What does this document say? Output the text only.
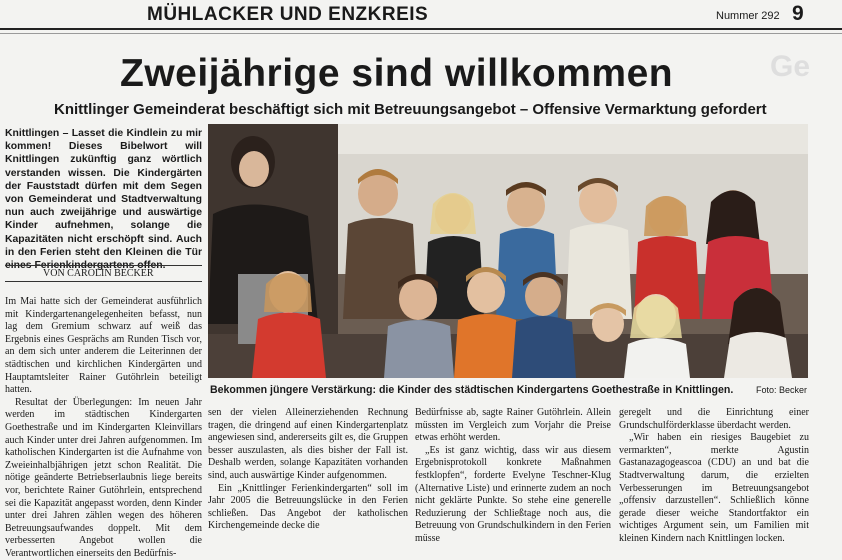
MÜHLACKER UND ENZKREIS	Nummer 292 9
Ge
Zweijährige sind willkommen
Knittlinger Gemeinderat beschäftigt sich mit Betreuungsangebot – Offensive Vermarktung gefordert
Knittlingen – Lasset die Kindlein zu mir kommen! Dieses Bibelwort will Knittlingen zukünftig ganz wörtlich verstanden wissen. Die Kindergärten der Fauststadt dürfen mit dem Segen von Gemeinderat und Stadtverwaltung nun auch zweijährige und auswärtige Kinder aufnehmen, solange die Kapazitäten nicht erschöpft sind. Auch in den Ferien steht den Kleinen die Tür eines Ferienkindergartens offen.
VON CAROLIN BECKER

Im Mai hatte sich der Gemeinderat ausführlich mit Kindergartenangelegenheiten befasst, nun lag dem Gremium schwarz auf weiß das Ergebnis eines Gesprächs am Runden Tisch vor, an dem sich unter anderem die Leiterinnen der städtischen und kirchlichen Kindergärten und Hauptamtsleiter Rainer Gutöhrlein beteiligt hatten.

Resultat der Überlegungen: Im neuen Jahr werden im städtischen Kindergarten Goethestraße und im Kindergarten Kleinvillars auch Kinder unter drei Jahren aufgenommen. Im katholischen Kindergarten ist die Aufnahme von Zweieinhalbjährigen jetzt schon Realität. Die nötige geänderte Betriebserlaubnis liege bereits vor, berichtete Rainer Gutöhrlein, entsprechend sei die Kapazität angepasst worden, denn Kinder unter drei Jahren zählen wegen des höheren Betreuungsaufwandes doppelt. Mit dem verbesserten Angebot wollen die Verantwortlichen einerseits den Bedürfnis-

Bekommen jüngere Verstärkung: die Kinder des städtischen Kindergartens Goethestraße in Knittlingen.	Foto: Becker

sen der vielen Alleinerziehenden Rechnung tragen, die dringend auf einen Kindergartenplatz angewiesen sind, andererseits gilt es, die Gruppen besser auszulasten, als dies bisher der Fall ist. Deshalb werden, solange Kapazitäten vorhanden sind, auch auswärtige Kinder aufgenommen.

Ein „Knittlinger Ferienkindergarten“ soll im Jahr 2005 die Betreuungslücke in den Ferien schließen. Das Angebot der katholischen Kirchengemeinde decke die

Bedürfnisse ab, sagte Rainer Gutöhrlein. Allein müssten im Vergleich zum Vorjahr die Preise etwas erhöht werden.

„Es ist ganz wichtig, dass wir aus diesem Ergebnisprotokoll konkrete Maßnahmen festklopfen“, forderte Evelyne Teschner-Klug (Alternative Liste) und erinnerte zudem an noch nicht geklärte Punkte. So stehe eine generelle Reduzierung der Schließtage noch aus, die Betreuung von Grundschulkindern in den Ferien müsse

geregelt und die Einrichtung einer Grundschulförderklasse überdacht werden.

„Wir haben ein riesiges Baugebiet zu vermarkten“, merkte Agustin Gastanazagogeascoa (CDU) an und bat die Stadtverwaltung darum, die erzielten Verbesserungen im Betreuungsangebot „offensiv darzustellen“. Schließlich könne gerade dieser weiche Standortfaktor ein wichtiges Argument sein, um Familien mit kleinen Kindern nach Knittlingen locken.
